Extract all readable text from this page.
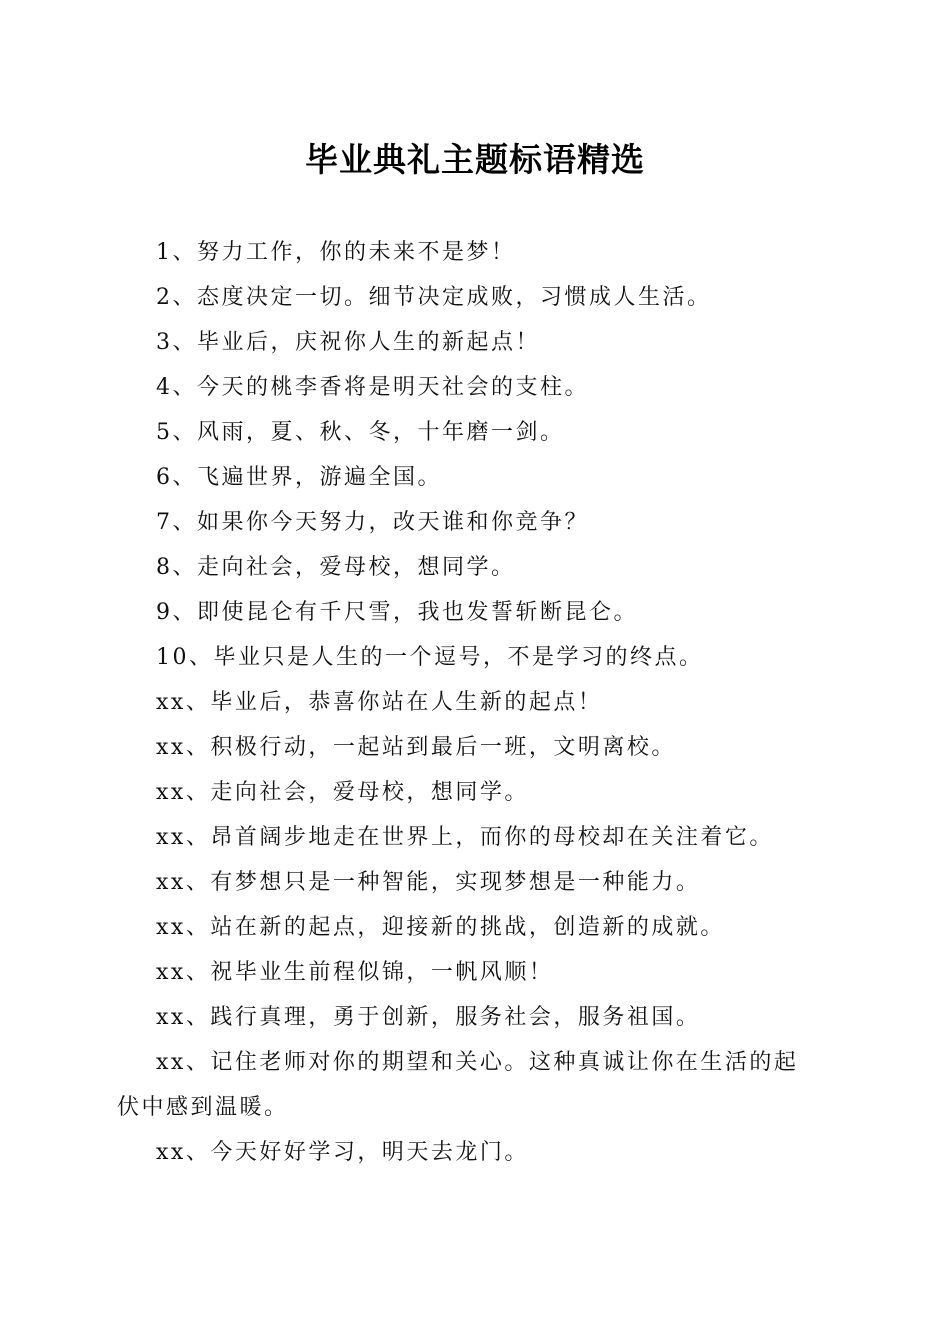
毕业典礼主题标语精选
1、努力工作，你的未来不是梦！
2、态度决定一切。细节决定成败，习惯成人生活。
3、毕业后，庆祝你人生的新起点！
4、今天的桃李香将是明天社会的支柱。
5、风雨，夏、秋、冬，十年磨一剑。
6、飞遍世界，游遍全国。
7、如果你今天努力，改天谁和你竞争？
8、走向社会，爱母校，想同学。
9、即使昆仑有千尺雪，我也发誓斩断昆仑。
10、毕业只是人生的一个逗号，不是学习的终点。
xx、毕业后，恭喜你站在人生新的起点！
xx、积极行动，一起站到最后一班，文明离校。
xx、走向社会，爱母校，想同学。
xx、昂首阔步地走在世界上，而你的母校却在关注着它。
xx、有梦想只是一种智能，实现梦想是一种能力。
xx、站在新的起点，迎接新的挑战，创造新的成就。
xx、祝毕业生前程似锦，一帆风顺！
xx、践行真理，勇于创新，服务社会，服务祖国。
xx、记住老师对你的期望和关心。这种真诚让你在生活的起
伏中感到温暖。
xx、今天好好学习，明天去龙门。
